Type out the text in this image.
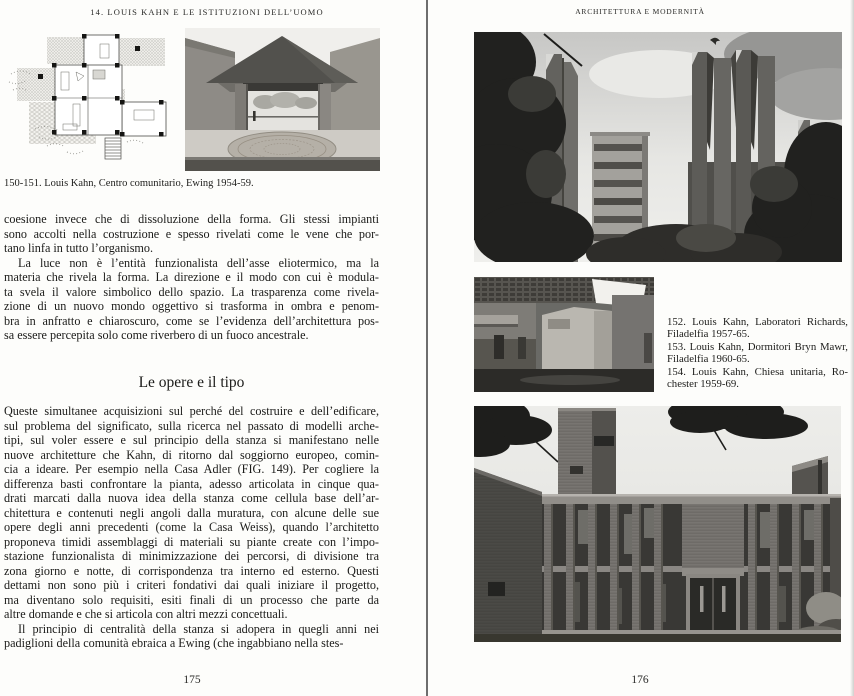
14. LOUIS KAHN E LE ISTITUZIONI DELL’UOMO
150-151. Louis Kahn, Centro comunitario, Ewing 1954-59.
coesione invece che di dissoluzione della forma. Gli stessi impianti
sono accolti nella costruzione e spesso rivelati come le vene che por-
tano linfa in tutto l’organismo.
La luce non è l’entità funzionalista dell’asse eliotermico, ma la
materia che rivela la forma. La direzione e il modo con cui è modula-
ta svela il valore simbolico dello spazio. La trasparenza come rivela-
zione di un nuovo mondo oggettivo si trasforma in ombra e penom-
bra in anfratto e chiaroscuro, come se l’evidenza dell’architettura pos-
sa essere percepita solo come riverbero di un fuoco ancestrale.
Le opere e il tipo
Queste simultanee acquisizioni sul perché del costruire e dell’edificare,
sul problema del significato, sulla ricerca nel passato di modelli arche-
tipi, sul voler essere e sul principio della stanza si manifestano nelle
nuove architetture che Kahn, di ritorno dal soggiorno europeo, comin-
cia a ideare. Per esempio nella Casa Adler (FIG. 149). Per cogliere la
differenza basti confrontare la pianta, adesso articolata in cinque qua-
drati marcati dalla nuova idea della stanza come cellula base dell’ar-
chitettura e contenuti negli angoli dalla muratura, con alcune delle sue
opere degli anni precedenti (come la Casa Weiss), quando l’architetto
proponeva timidi assemblaggi di materiali su piante create con l’impo-
stazione funzionalista di minimizzazione dei percorsi, di divisione tra
zona giorno e notte, di corrispondenza tra interno ed esterno. Questi
dettami non sono più i criteri fondativi dai quali iniziare il progetto,
ma diventano solo requisiti, esiti finali di un processo che parte da
altre domande e che si articola con altri mezzi concettuali.
Il principio di centralità della stanza si adopera in quegli anni nei
padiglioni della comunità ebraica a Ewing (che ingabbiano nella stes-
175
ARCHITETTURA E MODERNITÀ
152. Louis Kahn, Laboratori Richards,
Filadelfia 1957-65.
153. Louis Kahn, Dormitori Bryn Mawr,
Filadelfia 1960-65.
154. Louis Kahn, Chiesa unitaria, Ro-
chester 1959-69.
176
